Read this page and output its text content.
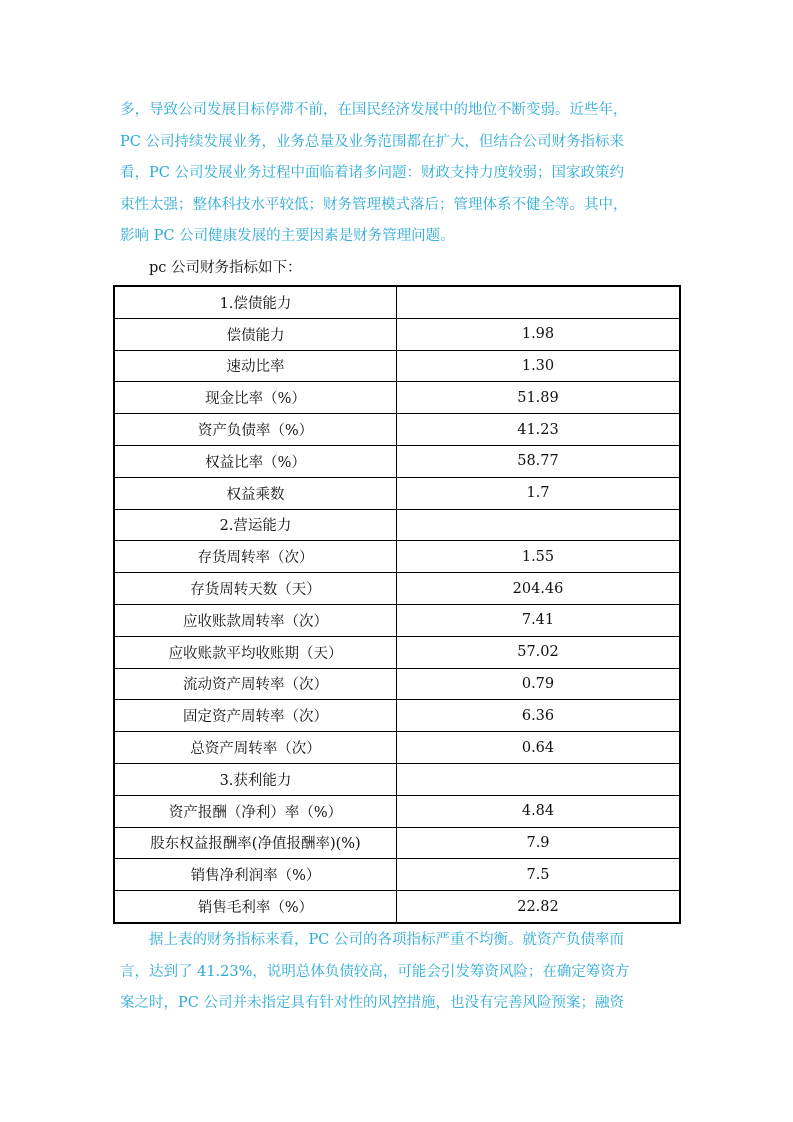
多，导致公司发展目标停滞不前，在国民经济发展中的地位不断变弱。近些年，

PC 公司持续发展业务，业务总量及业务范围都在扩大，但结合公司财务指标来

看，PC 公司发展业务过程中面临着诸多问题：财政支持力度较弱；国家政策约

束性太强；整体科技水平较低；财务管理模式落后；管理体系不健全等。其中，

影响 PC 公司健康发展的主要因素是财务管理问题。

pc 公司财务指标如下：

1.偿债能力	
偿债能力	1.98
速动比率	1.30
现金比率（%）	51.89
资产负债率（%）	41.23
权益比率（%）	58.77
权益乘数	1.7
2.营运能力	
存货周转率（次）	1.55
存货周转天数（天）	204.46
应收账款周转率（次）	7.41
应收账款平均收账期（天）	57.02
流动资产周转率（次）	0.79
固定资产周转率（次）	6.36
总资产周转率（次）	0.64
3.获利能力	
资产报酬（净利）率（%）	4.84
股东权益报酬率(净值报酬率)(%)	7.9
销售净利润率（%）	7.5
销售毛利率（%）	22.82

　　据上表的财务指标来看，PC 公司的各项指标严重不均衡。就资产负债率而

言，达到了 41.23%，说明总体负债较高，可能会引发筹资风险；在确定筹资方

案之时，PC 公司并未指定具有针对性的风控措施，也没有完善风险预案；融资
